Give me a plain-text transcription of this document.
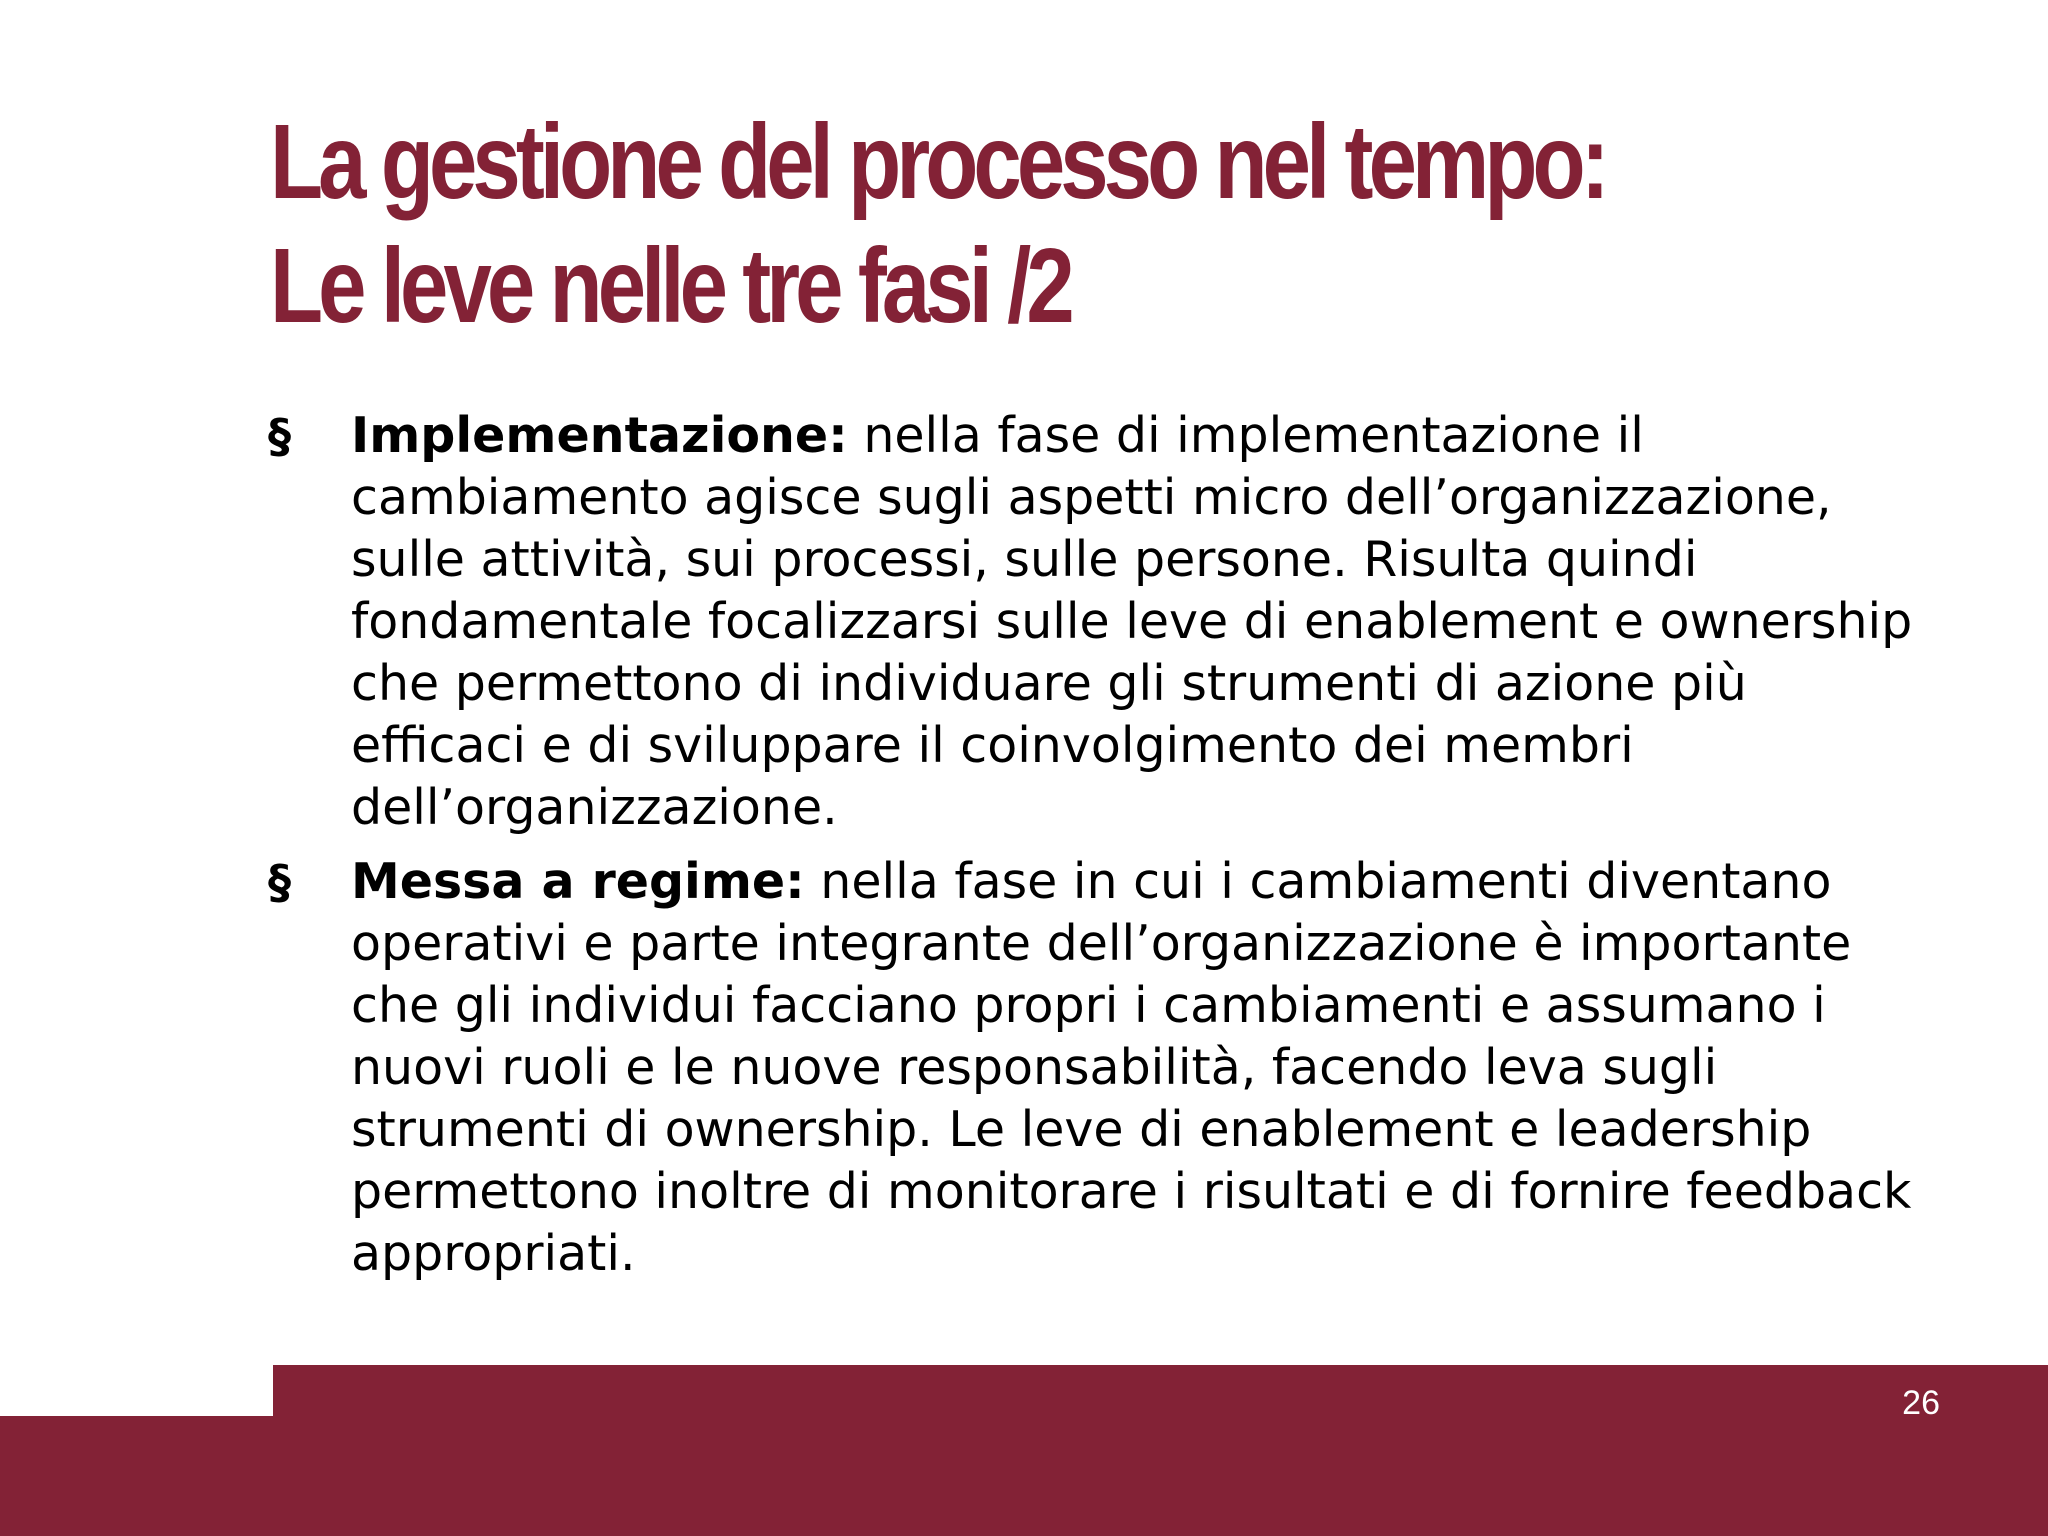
La gestione del processo nel tempo:
Le leve nelle tre fasi /2
§ Implementazione: nella fase di implementazione il cambiamento agisce sugli aspetti micro dell’organizzazione, sulle attività, sui processi, sulle persone. Risulta quindi fondamentale focalizzarsi sulle leve di enablement e ownership che permettono di individuare gli strumenti di azione più efficaci e di sviluppare il coinvolgimento dei membri dell’organizzazione.
§ Messa a regime: nella fase in cui i cambiamenti diventano operativi e parte integrante dell’organizzazione è importante che gli individui facciano propri i cambiamenti e assumano i nuovi ruoli e le nuove responsabilità, facendo leva sugli strumenti di ownership. Le leve di enablement e leadership permettono inoltre di monitorare i risultati e di fornire feedback appropriati.
26
